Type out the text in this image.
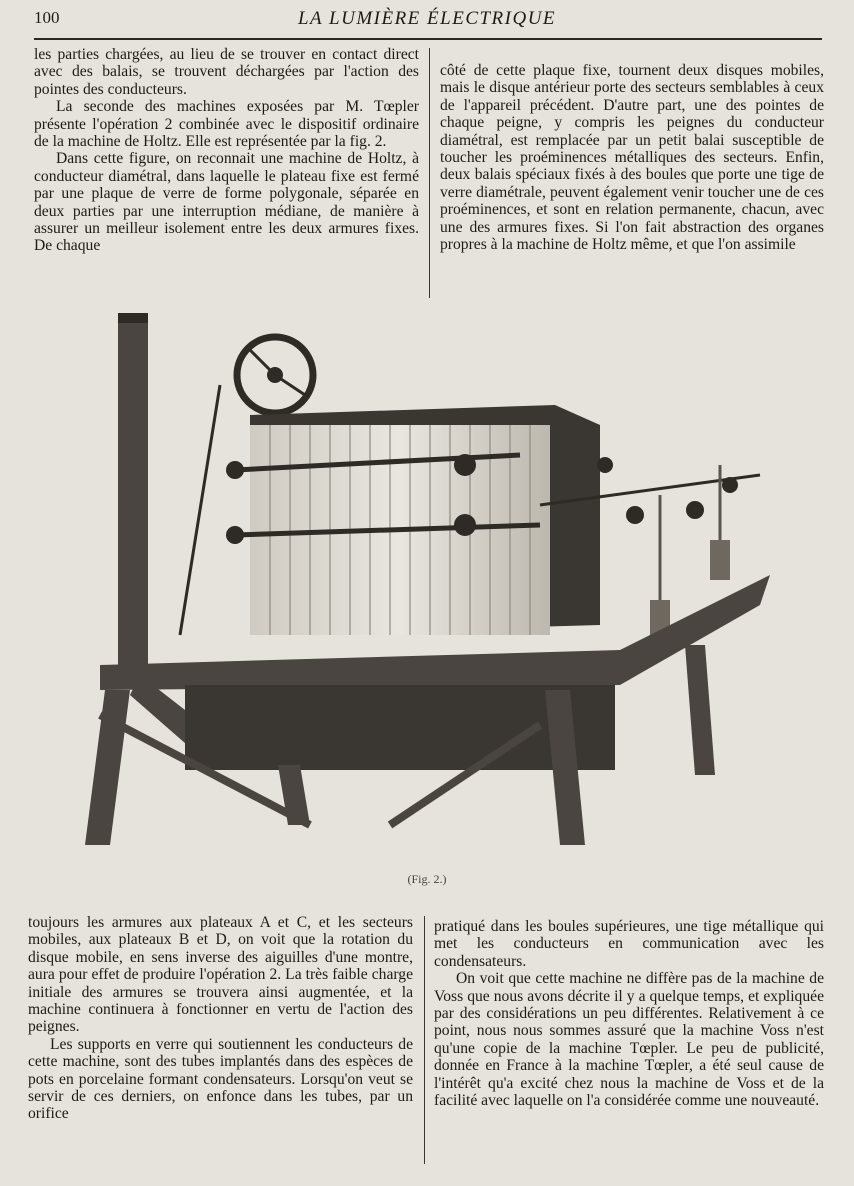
100	LA LUMIÈRE ÉLECTRIQUE

les parties chargées, au lieu de se trouver en contact direct avec des balais, se trouvent déchargées par l'action des pointes des conducteurs.

La seconde des machines exposées par M. Tœpler présente l'opération 2 combinée avec le dispositif ordinaire de la machine de Holtz. Elle est représentée par la fig. 2.

Dans cette figure, on reconnait une machine de Holtz, à conducteur diamétral, dans laquelle le plateau fixe est fermé par une plaque de verre de forme polygonale, séparée en deux parties par une interruption médiane, de manière à assurer un meilleur isolement entre les deux armures fixes. De chaque

côté de cette plaque fixe, tournent deux disques mobiles, mais le disque antérieur porte des secteurs semblables à ceux de l'appareil précédent. D'autre part, une des pointes de chaque peigne, y compris les peignes du conducteur diamétral, est remplacée par un petit balai susceptible de toucher les proéminences métalliques des secteurs. Enfin, deux balais spéciaux fixés à des boules que porte une tige de verre diamétrale, peuvent également venir toucher une de ces proéminences, et sont en relation permanente, chacun, avec une des armures fixes. Si l'on fait abstraction des organes propres à la machine de Holtz même, et que l'on assimile

(Fig. 2.)

toujours les armures aux plateaux A et C, et les secteurs mobiles, aux plateaux B et D, on voit que la rotation du disque mobile, en sens inverse des aiguilles d'une montre, aura pour effet de produire l'opération 2. La très faible charge initiale des armures se trouvera ainsi augmentée, et la machine continuera à fonctionner en vertu de l'action des peignes.

Les supports en verre qui soutiennent les conducteurs de cette machine, sont des tubes implantés dans des espèces de pots en porcelaine formant condensateurs. Lorsqu'on veut se servir de ces derniers, on enfonce dans les tubes, par un orifice

pratiqué dans les boules supérieures, une tige métallique qui met les conducteurs en communication avec les condensateurs.

On voit que cette machine ne diffère pas de la machine de Voss que nous avons décrite il y a quelque temps, et expliquée par des considérations un peu différentes. Relativement à ce point, nous nous sommes assuré que la machine Voss n'est qu'une copie de la machine Tœpler. Le peu de publicité, donnée en France à la machine Tœpler, a été seul cause de l'intérêt qu'a excité chez nous la machine de Voss et de la facilité avec laquelle on l'a considérée comme une nouveauté.
